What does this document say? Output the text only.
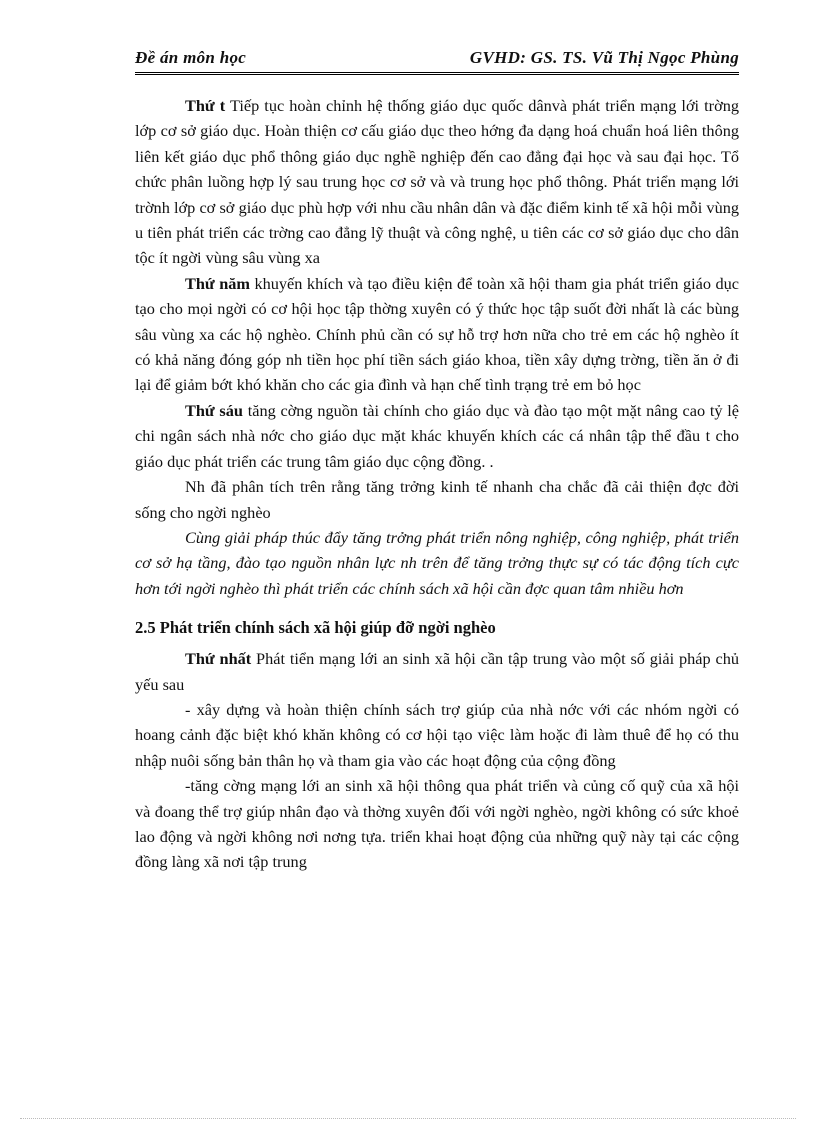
Đề án môn học	GVHD: GS. TS. Vũ Thị Ngọc Phùng

Thứ t Tiếp tục hoàn chỉnh hệ thống giáo dục quốc dânvà phát triển mạng lới trờng lớp cơ sở giáo dục. Hoàn thiện cơ cấu giáo dục theo hớng đa dạng hoá chuẩn hoá liên thông liên kết giáo dục phổ thông giáo dục nghề nghiệp đến cao đẳng đại học và sau đại học. Tổ chức phân luồng hợp lý sau trung học cơ sở và và trung học phổ thông. Phát triển mạng lới trờnh lớp cơ sở giáo dục phù hợp với nhu cầu nhân dân và đặc điểm kinh tế xã hội mỗi vùng u tiên phát triển các trờng cao đẳng lỹ thuật và công nghệ, u tiên các cơ sở giáo dục cho dân tộc ít ngời vùng sâu vùng xa

Thứ năm khuyến khích và tạo điều kiện để toàn xã hội tham gia phát triển giáo dục tạo cho mọi ngời có cơ hội học tập thờng xuyên có ý thức học tập suốt đời nhất là các bùng sâu vùng xa các hộ nghèo. Chính phủ cần có sự hỗ trợ hơn nữa cho trẻ em các hộ nghèo ít có khả năng đóng góp nh tiền học phí tiền sách giáo khoa, tiền xây dựng trờng, tiền ăn ở đi lại để giảm bớt khó khăn cho các gia đình và hạn chế tình trạng trẻ em bỏ học

Thứ sáu tăng cờng nguồn tài chính cho giáo dục và đào tạo một mặt nâng cao tỷ lệ chi ngân sách nhà nớc cho giáo dục mặt khác khuyến khích các cá nhân tập thể đầu t cho giáo dục phát triển các trung tâm giáo dục cộng đồng. .

Nh đã phân tích trên rằng tăng trởng kinh tế nhanh cha chắc đã cải thiện đợc đời sống cho ngời nghèo

Cùng giải pháp thúc đẩy tăng trởng phát triển nông nghiệp, công nghiệp, phát triển cơ sở hạ tầng, đào tạo nguồn nhân lực nh trên để tăng trởng thực sự có tác động tích cực hơn tới ngời nghèo thì phát triển các chính sách xã hội cần đợc quan tâm nhiều hơn

2.5 Phát triển chính sách xã hội giúp đỡ ngời nghèo

Thứ nhất Phát tiển mạng lới an sinh xã hội cần tập trung vào một số giải pháp chủ yếu sau

- xây dựng và hoàn thiện chính sách trợ giúp của nhà nớc với các nhóm ngời có hoang cảnh đặc biệt khó khăn không có cơ hội tạo việc làm hoặc đi làm thuê để họ có thu nhập nuôi sống bản thân họ và tham gia vào các hoạt động của cộng đồng

-tăng cờng mạng lới an sinh xã hội thông qua phát triển và củng cố quỹ của xã hội và đoang thể trợ giúp nhân đạo và thờng xuyên đối với ngời nghèo, ngời không có sức khoẻ lao động và ngời không nơi nơng tựa. triển khai hoạt động của những quỹ này tại các cộng đồng làng xã nơi tập trung
